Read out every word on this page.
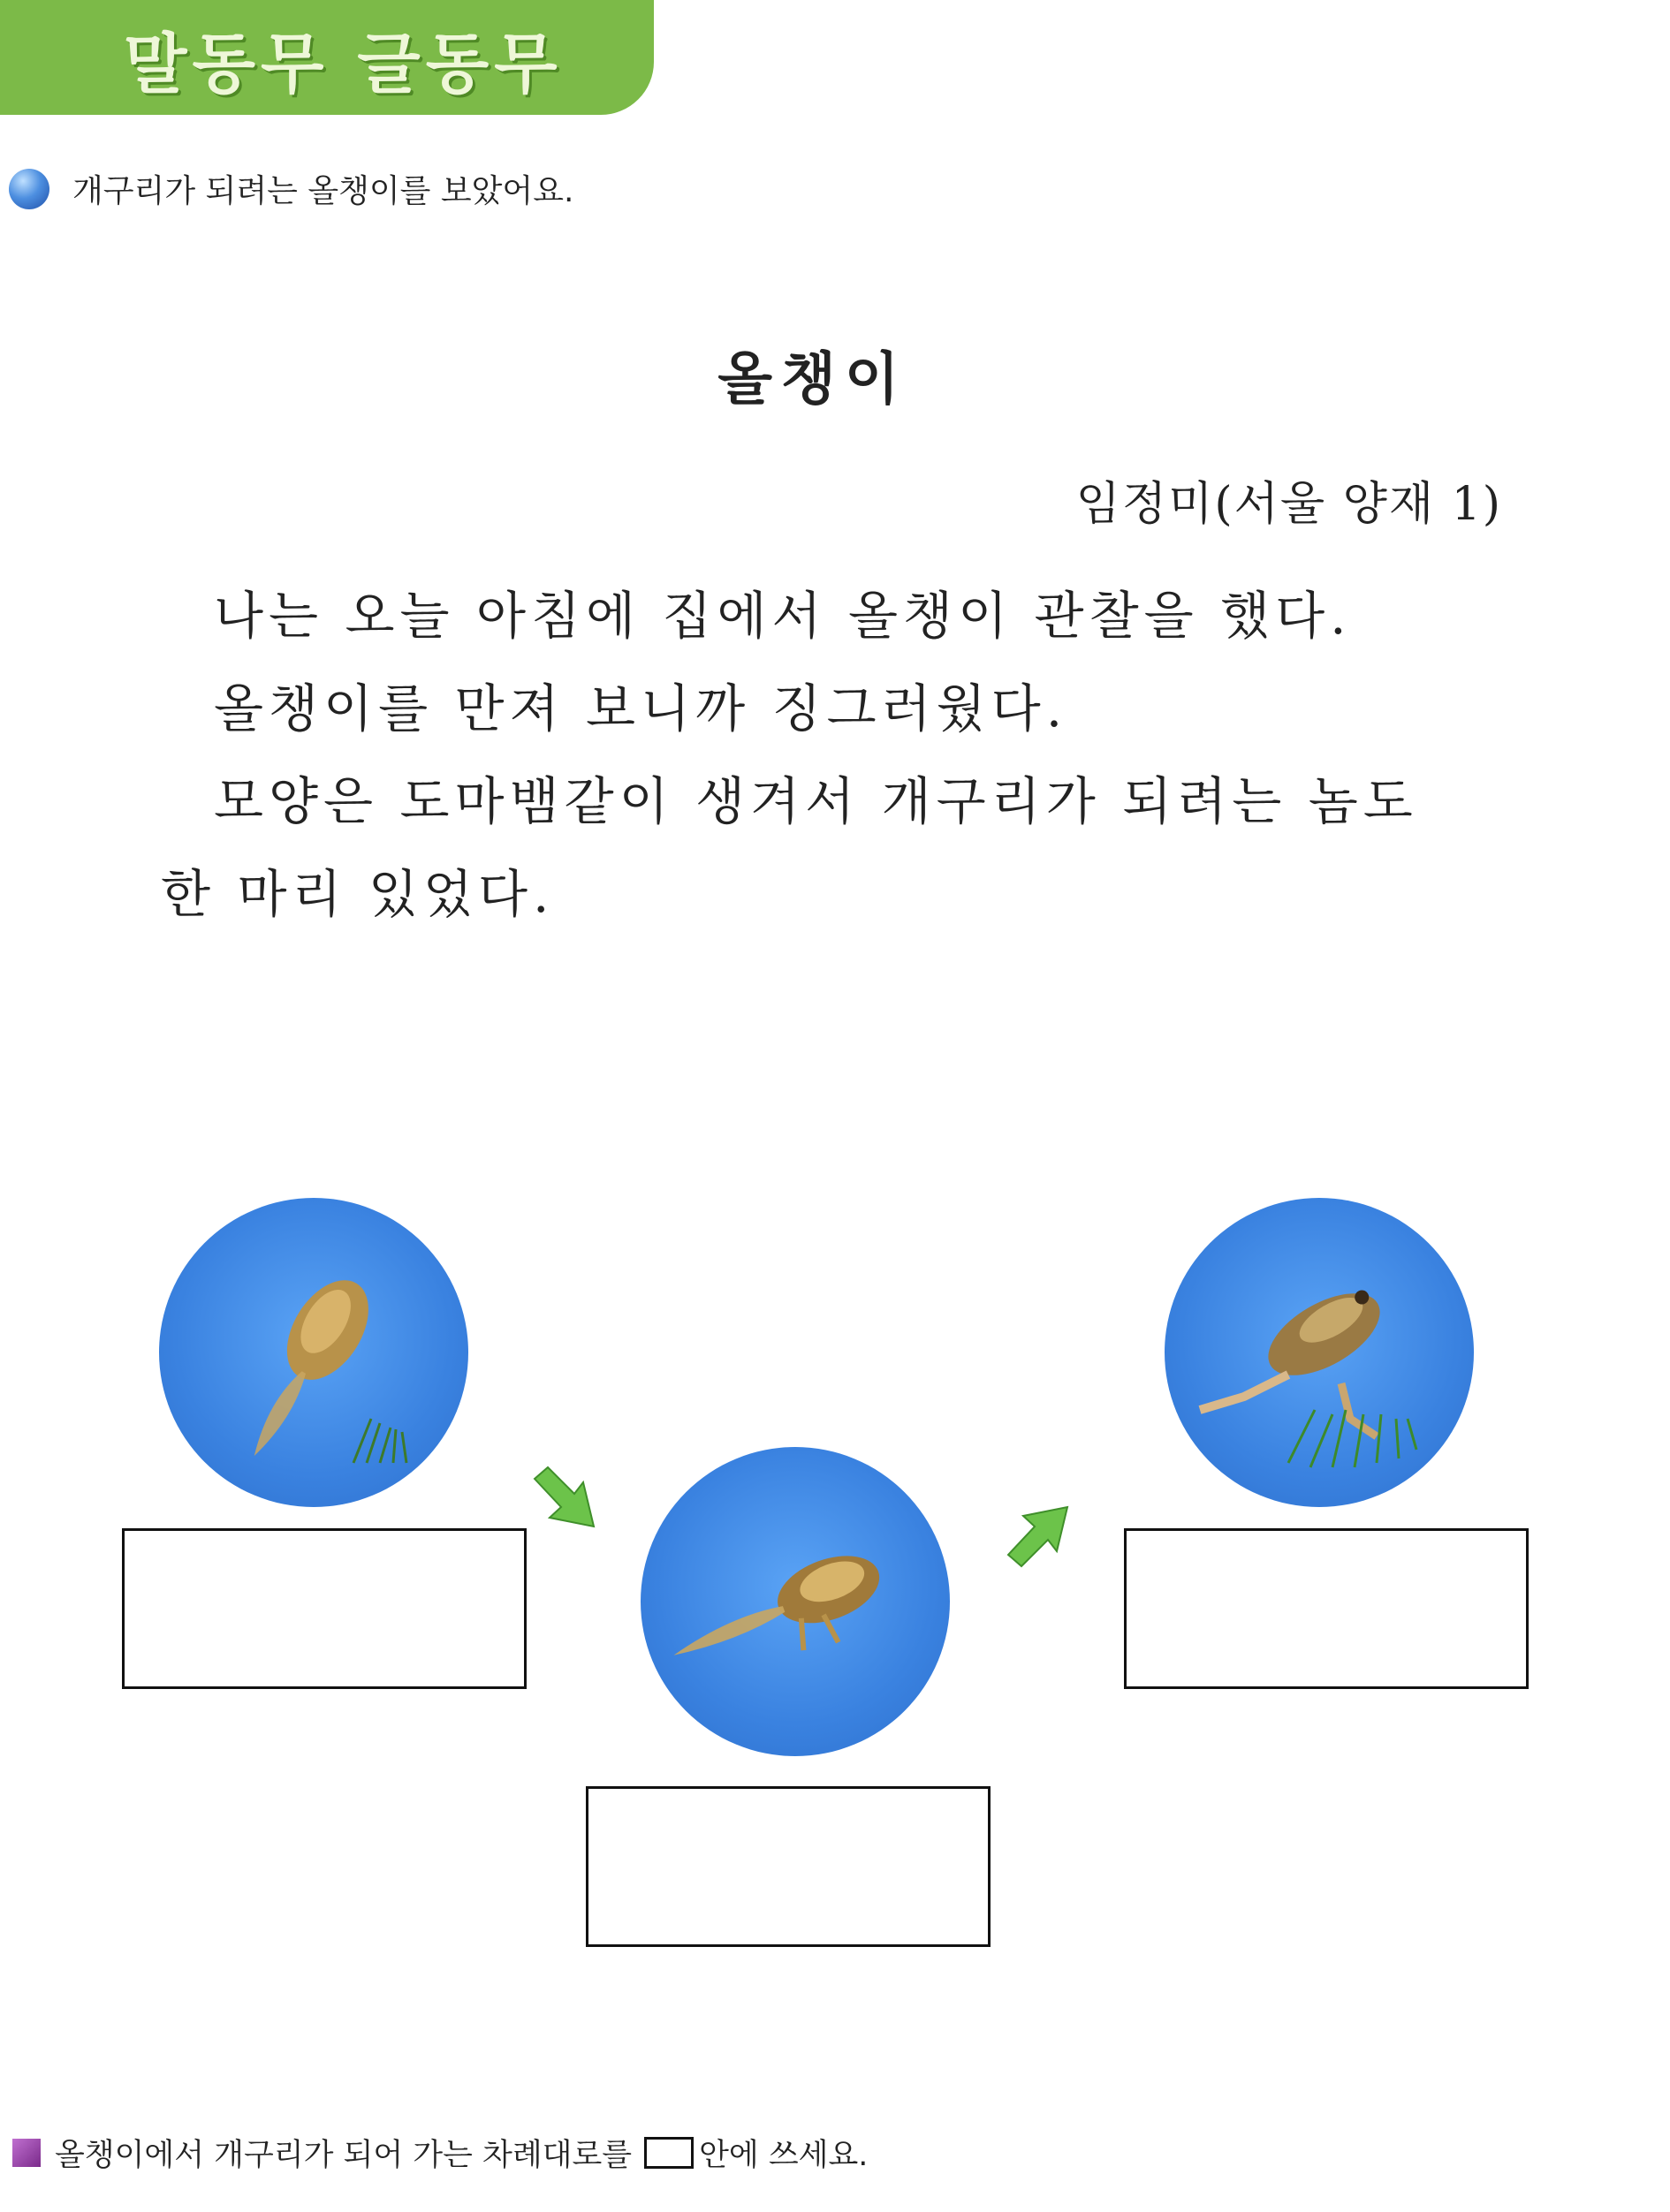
말동무 글동무
개구리가 되려는 올챙이를 보았어요.
올챙이
임정미(서울 양재 1)
나는 오늘 아침에 집에서 올챙이 관찰을 했다.
올챙이를 만져 보니까 징그러웠다.
모양은 도마뱀같이 생겨서 개구리가 되려는 놈도
한 마리 있었다.
올챙이에서 개구리가 되어 가는 차례대로를 안에 쓰세요.
